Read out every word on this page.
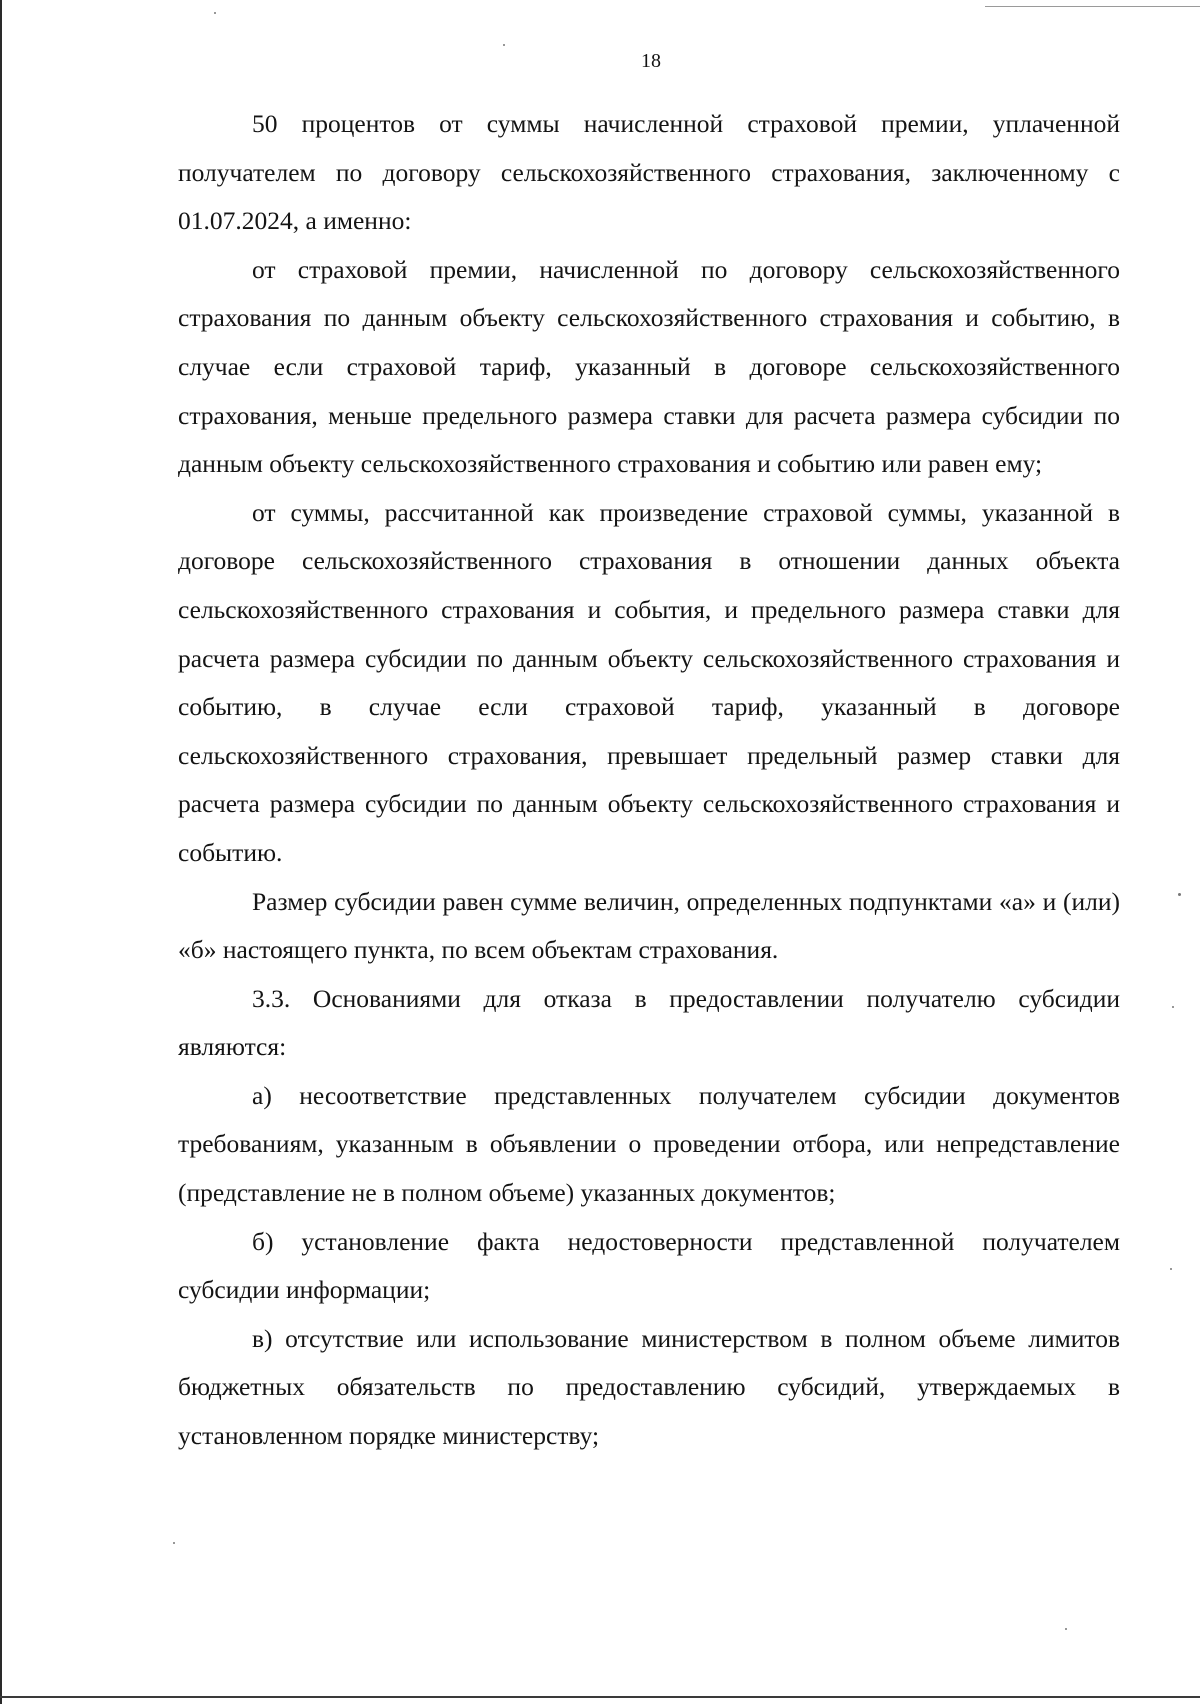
18

50 процентов от суммы начисленной страховой премии, уплаченной получателем по договору сельскохозяйственного страхования, заключенному с 01.07.2024, а именно:

от страховой премии, начисленной по договору сельскохозяйственного страхования по данным объекту сельскохозяйственного страхования и событию, в случае если страховой тариф, указанный в договоре сельскохозяйственного страхования, меньше предельного размера ставки для расчета размера субсидии по данным объекту сельскохозяйственного страхования и событию или равен ему;

от суммы, рассчитанной как произведение страховой суммы, указанной в договоре сельскохозяйственного страхования в отношении данных объекта сельскохозяйственного страхования и события, и предельного размера ставки для расчета размера субсидии по данным объекту сельскохозяйственного страхования и событию, в случае если страховой тариф, указанный в договоре сельскохозяйственного страхования, превышает предельный размер ставки для расчета размера субсидии по данным объекту сельскохозяйственного страхования и событию.

Размер субсидии равен сумме величин, определенных подпунктами «а» и (или) «б» настоящего пункта, по всем объектам страхования.

3.3. Основаниями для отказа в предоставлении получателю субсидии являются:

а) несоответствие представленных получателем субсидии документов требованиям, указанным в объявлении о проведении отбора, или непредставление (представление не в полном объеме) указанных документов;

б) установление факта недостоверности представленной получателем субсидии информации;

в) отсутствие или использование министерством в полном объеме лимитов бюджетных обязательств по предоставлению субсидий, утверждаемых в установленном порядке министерству;
